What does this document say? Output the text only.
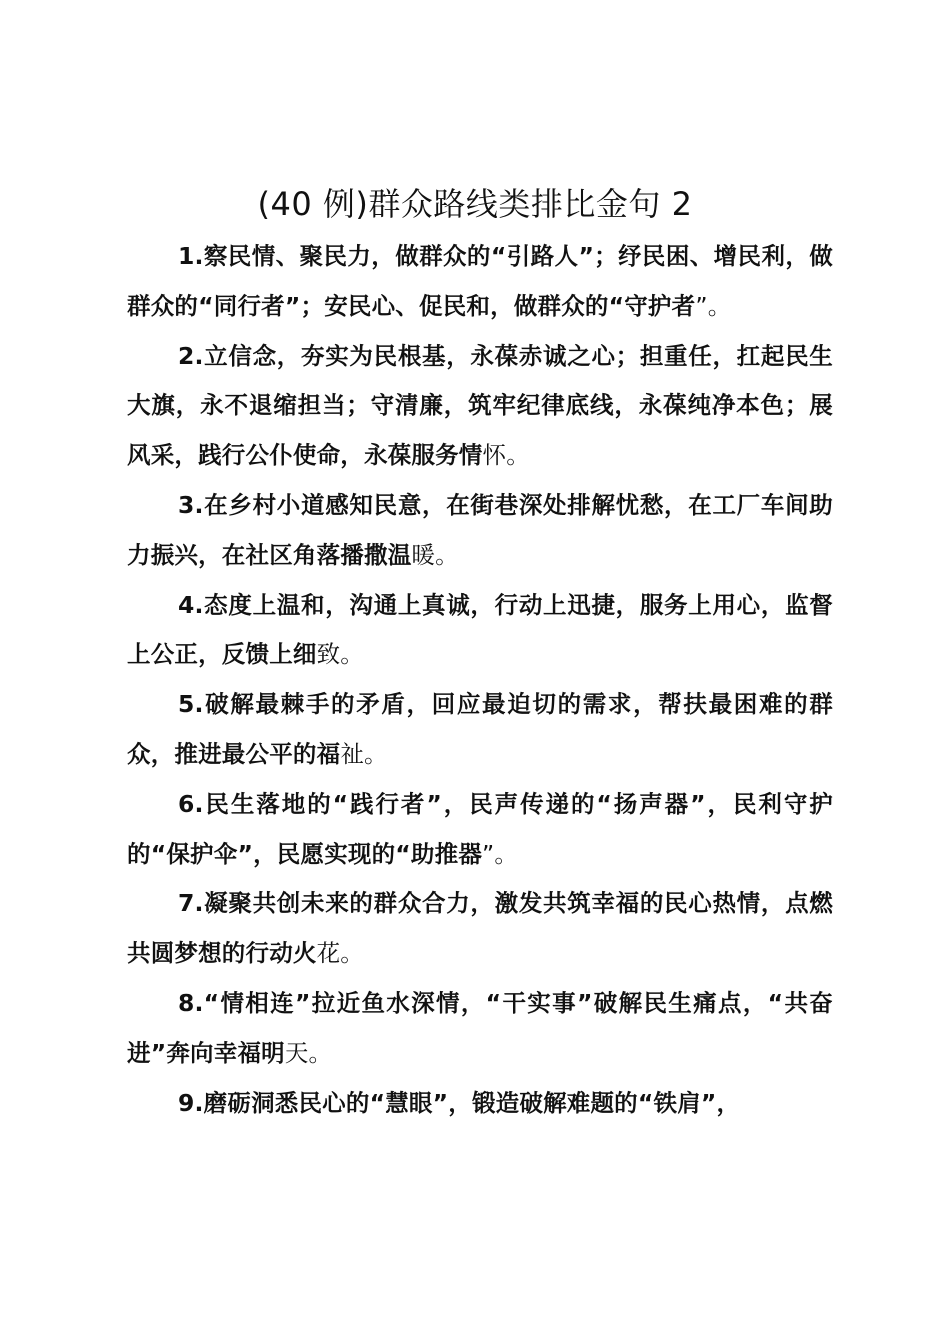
(40 例)群众路线类排比金句 2

1.察民情、聚民力，做群众的“引路人”；纾民困、增民利，做群众的“同行者”；安民心、促民和，做群众的“守护者”。

2.立信念，夯实为民根基，永葆赤诚之心；担重任，扛起民生大旗，永不退缩担当；守清廉，筑牢纪律底线，永葆纯净本色；展风采，践行公仆使命，永葆服务情怀。

3.在乡村小道感知民意，在街巷深处排解忧愁，在工厂车间助力振兴，在社区角落播撒温暖。

4.态度上温和，沟通上真诚，行动上迅捷，服务上用心，监督上公正，反馈上细致。

5.破解最棘手的矛盾，回应最迫切的需求，帮扶最困难的群众，推进最公平的福祉。

6.民生落地的“践行者”，民声传递的“扬声器”，民利守护的“保护伞”，民愿实现的“助推器”。

7.凝聚共创未来的群众合力，激发共筑幸福的民心热情，点燃共圆梦想的行动火花。

8.“情相连”拉近鱼水深情，“干实事”破解民生痛点，“共奋进”奔向幸福明天。

9.磨砺洞悉民心的“慧眼”，锻造破解难题的“铁肩”，
